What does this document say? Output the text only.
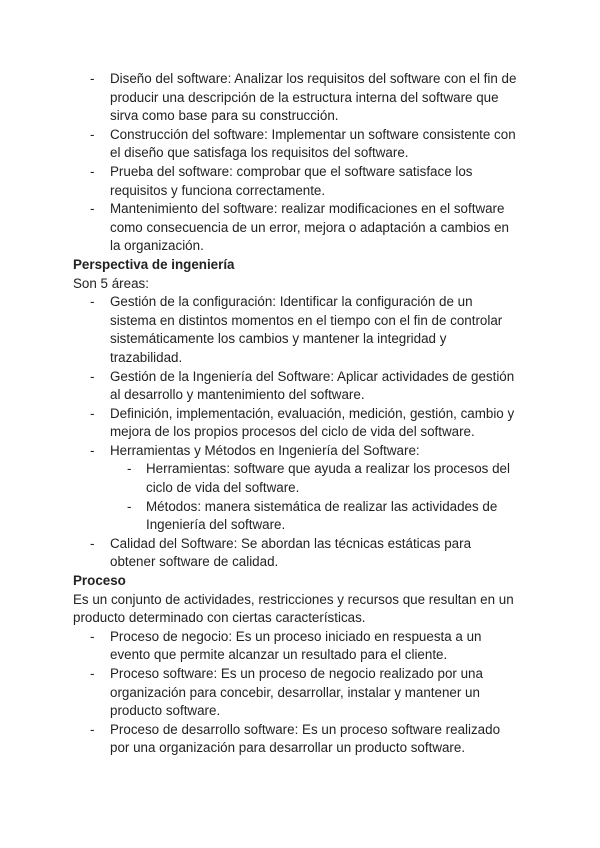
- Diseño del software: Analizar los requisitos del software con el fin de producir una descripción de la estructura interna del software que sirva como base para su construcción.
- Construcción del software: Implementar un software consistente con el diseño que satisfaga los requisitos del software.
- Prueba del software: comprobar que el software satisface los requisitos y funciona correctamente.
- Mantenimiento del software: realizar modificaciones en el software como consecuencia de un error, mejora o adaptación a cambios en la organización.

Perspectiva de ingeniería

Son 5 áreas:

- Gestión de la configuración: Identificar la configuración de un sistema en distintos momentos en el tiempo con el fin de controlar sistemáticamente los cambios y mantener la integridad y trazabilidad.
- Gestión de la Ingeniería del Software: Aplicar actividades de gestión al desarrollo y mantenimiento del software.
- Definición, implementación, evaluación, medición, gestión, cambio y mejora de los propios procesos del ciclo de vida del software.
- Herramientas y Métodos en Ingeniería del Software:
- Herramientas: software que ayuda a realizar los procesos del ciclo de vida del software.
- Métodos: manera sistemática de realizar las actividades de Ingeniería del software.
- Calidad del Software: Se abordan las técnicas estáticas para obtener software de calidad.

Proceso

Es un conjunto de actividades, restricciones y recursos que resultan en un producto determinado con ciertas características.

- Proceso de negocio: Es un proceso iniciado en respuesta a un evento que permite alcanzar un resultado para el cliente.
- Proceso software: Es un proceso de negocio realizado por una organización para concebir, desarrollar, instalar y mantener un producto software.
- Proceso de desarrollo software: Es un proceso software realizado por una organización para desarrollar un producto software.
